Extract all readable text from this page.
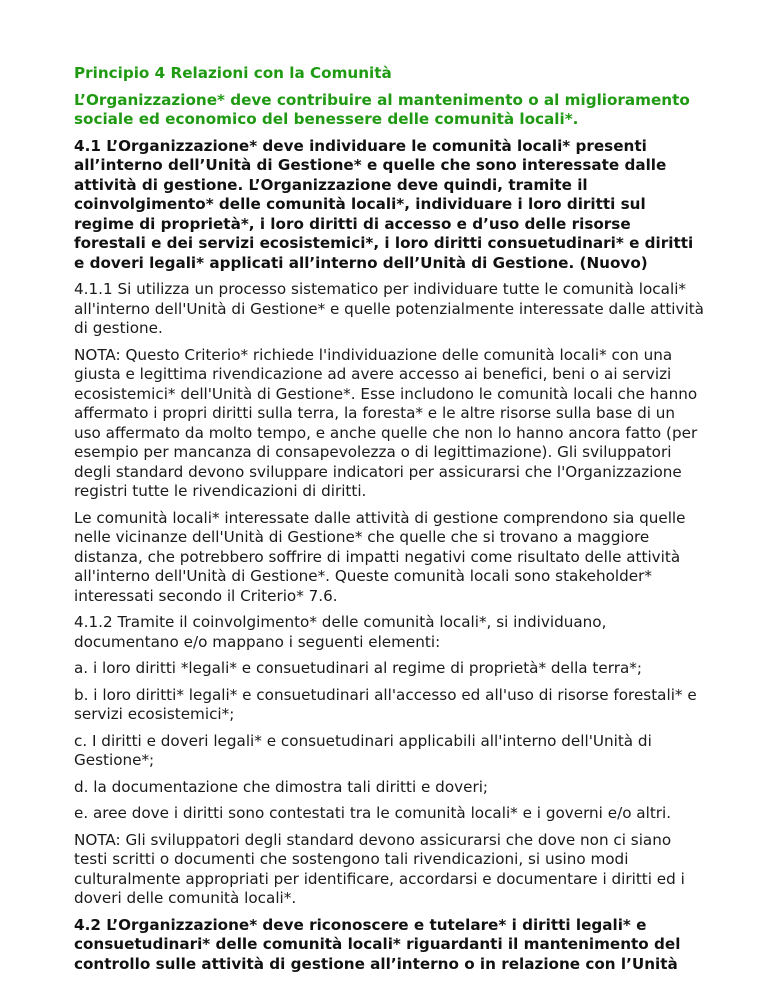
Principio 4 Relazioni con la Comunità

L’Organizzazione* deve contribuire al mantenimento o al miglioramento sociale ed economico del benessere delle comunità locali*.

4.1 L’Organizzazione* deve individuare le comunità locali* presenti all’interno dell’Unità di Gestione* e quelle che sono interessate dalle attività di gestione. L’Organizzazione deve quindi, tramite il coinvolgimento* delle comunità locali*, individuare i loro diritti sul regime di proprietà*, i loro diritti di accesso e d’uso delle risorse forestali e dei servizi ecosistemici*, i loro diritti consuetudinari* e diritti e doveri legali* applicati all’interno dell’Unità di Gestione. (Nuovo)

4.1.1 Si utilizza un processo sistematico per individuare tutte le comunità locali* all'interno dell'Unità di Gestione* e quelle potenzialmente interessate dalle attività di gestione.

NOTA: Questo Criterio* richiede l'individuazione delle comunità locali* con una giusta e legittima rivendicazione ad avere accesso ai benefici, beni o ai servizi ecosistemici* dell'Unità di Gestione*. Esse includono le comunità locali che hanno affermato i propri diritti sulla terra, la foresta* e le altre risorse sulla base di un uso affermato da molto tempo, e anche quelle che non lo hanno ancora fatto (per esempio per mancanza di consapevolezza o di legittimazione). Gli sviluppatori degli standard devono sviluppare indicatori per assicurarsi che l'Organizzazione registri tutte le rivendicazioni di diritti.

Le comunità locali* interessate dalle attività di gestione comprendono sia quelle nelle vicinanze dell'Unità di Gestione* che quelle che si trovano a maggiore distanza, che potrebbero soffrire di impatti negativi come risultato delle attività all'interno dell'Unità di Gestione*. Queste comunità locali sono stakeholder* interessati secondo il Criterio* 7.6.

4.1.2 Tramite il coinvolgimento* delle comunità locali*, si individuano, documentano e/o mappano i seguenti elementi:

a. i loro diritti *legali* e consuetudinari al regime di proprietà* della terra*;

b. i loro diritti* legali* e consuetudinari all'accesso ed all'uso di risorse forestali* e servizi ecosistemici*;

c. I diritti e doveri legali* e consuetudinari applicabili all'interno dell'Unità di Gestione*;

d. la documentazione che dimostra tali diritti e doveri;

e. aree dove i diritti sono contestati tra le comunità locali* e i governi e/o altri.

NOTA: Gli sviluppatori degli standard devono assicurarsi che dove non ci siano testi scritti o documenti che sostengono tali rivendicazioni, si usino modi culturalmente appropriati per identificare, accordarsi e documentare i diritti ed i doveri delle comunità locali*.

4.2 L’Organizzazione* deve riconoscere e tutelare* i diritti legali* e consuetudinari* delle comunità locali* riguardanti il mantenimento del controllo sulle attività di gestione all’interno o in relazione con l’Unità
